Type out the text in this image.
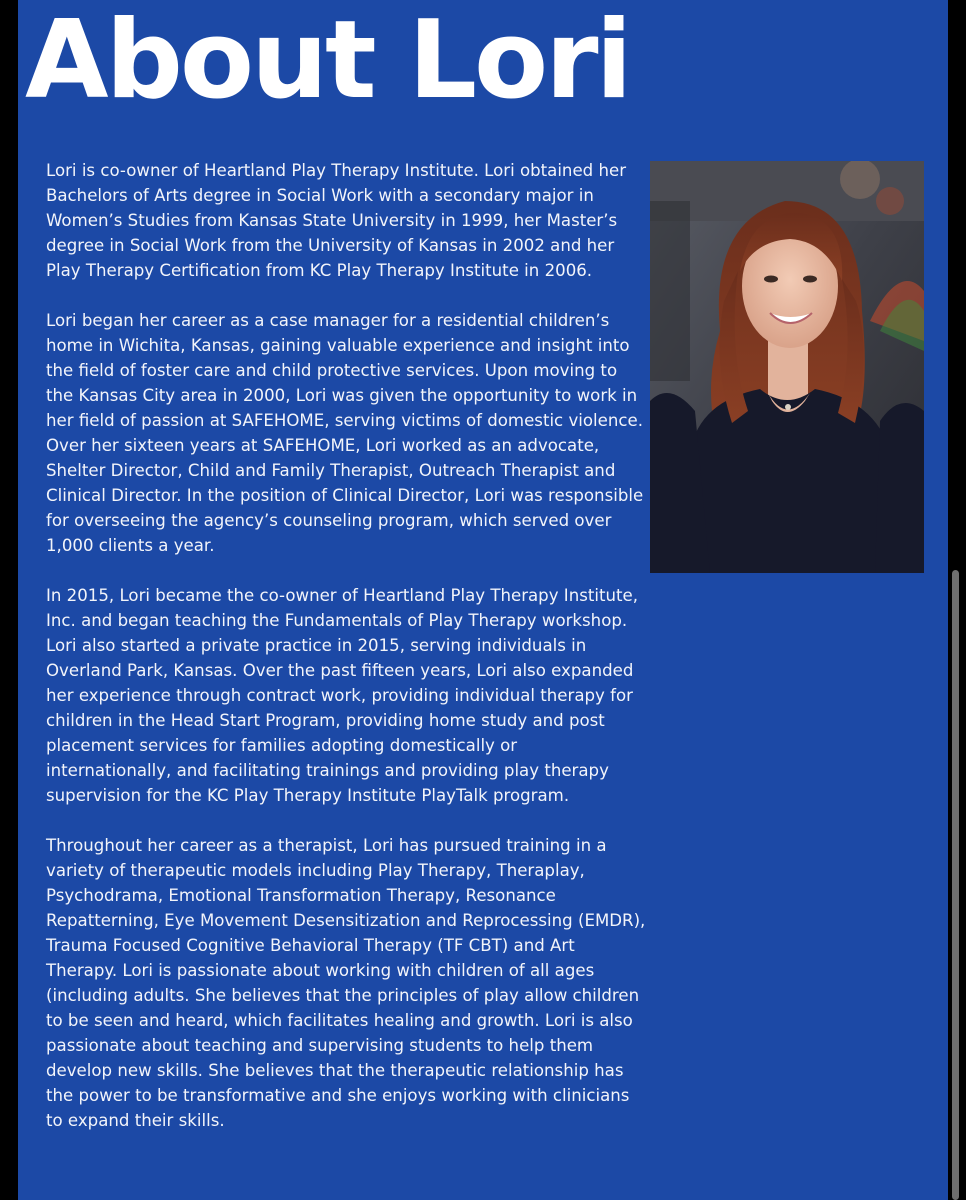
About Lori

Lori is co-owner of Heartland Play Therapy Institute. Lori obtained her Bachelors of Arts degree in Social Work with a secondary major in Women’s Studies from Kansas State University in 1999, her Master’s degree in Social Work from the University of Kansas in 2002 and her Play Therapy Certification from KC Play Therapy Institute in 2006.

Lori began her career as a case manager for a residential children’s home in Wichita, Kansas, gaining valuable experience and insight into the field of foster care and child protective services. Upon moving to the Kansas City area in 2000, Lori was given the opportunity to work in her field of passion at SAFEHOME, serving victims of domestic violence. Over her sixteen years at SAFEHOME, Lori worked as an advocate, Shelter Director, Child and Family Therapist, Outreach Therapist and Clinical Director. In the position of Clinical Director, Lori was responsible for overseeing the agency’s counseling program, which served over 1,000 clients a year.

In 2015, Lori became the co-owner of Heartland Play Therapy Institute, Inc. and began teaching the Fundamentals of Play Therapy workshop. Lori also started a private practice in 2015, serving individuals in Overland Park, Kansas. Over the past fifteen years, Lori also expanded her experience through contract work, providing individual therapy for children in the Head Start Program, providing home study and post placement services for families adopting domestically or internationally, and facilitating trainings and providing play therapy supervision for the KC Play Therapy Institute PlayTalk program.

Throughout her career as a therapist, Lori has pursued training in a variety of therapeutic models including Play Therapy, Theraplay, Psychodrama, Emotional Transformation Therapy, Resonance Repatterning, Eye Movement Desensitization and Reprocessing (EMDR), Trauma Focused Cognitive Behavioral Therapy (TF CBT) and Art Therapy. Lori is passionate about working with children of all ages (including adults. She believes that the principles of play allow children to be seen and heard, which facilitates healing and growth. Lori is also passionate about teaching and supervising students to help them develop new skills. She believes that the therapeutic relationship has the power to be transformative and she enjoys working with clinicians to expand their skills.
